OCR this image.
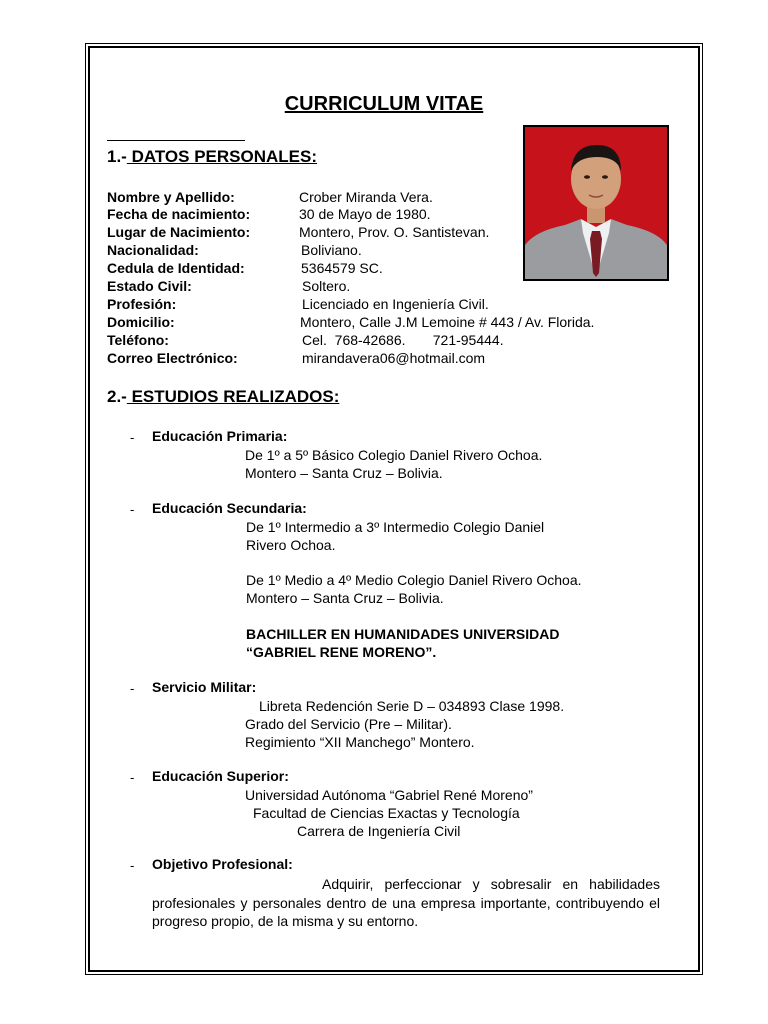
CURRICULUM VITAE
1.- DATOS PERSONALES:
Nombre y Apellido:	Crober Miranda Vera.
Fecha de nacimiento:	30 de Mayo de 1980.
Lugar de Nacimiento:	Montero, Prov. O. Santistevan.
Nacionalidad:	Boliviano.
Cedula de Identidad:	5364579 SC.
Estado Civil:	Soltero.
Profesión:	Licenciado en Ingeniería Civil.
Domicilio:	Montero, Calle J.M Lemoine # 443 / Av. Florida.
Teléfono:	Cel.  768-42686.       721-95444.
Correo Electrónico:	mirandavera06@hotmail.com
2.- ESTUDIOS REALIZADOS:
- Educación Primaria:
De 1º a 5º Básico Colegio Daniel Rivero Ochoa.
Montero – Santa Cruz – Bolivia.
- Educación Secundaria:
De 1º Intermedio a 3º Intermedio Colegio Daniel
Rivero Ochoa.
De 1º Medio a 4º Medio Colegio Daniel Rivero Ochoa.
Montero – Santa Cruz – Bolivia.
BACHILLER EN HUMANIDADES UNIVERSIDAD
“GABRIEL RENE MORENO”.
- Servicio Militar:
Libreta Redención Serie D – 034893 Clase 1998.
Grado del Servicio (Pre – Militar).
Regimiento “XII Manchego” Montero.
- Educación Superior:
Universidad Autónoma “Gabriel René Moreno”
Facultad de Ciencias Exactas y Tecnología
Carrera de Ingeniería Civil
- Objetivo Profesional:
Adquirir, perfeccionar y sobresalir en habilidades profesionales y personales dentro de una empresa importante, contribuyendo el progreso propio, de la misma y su entorno.
